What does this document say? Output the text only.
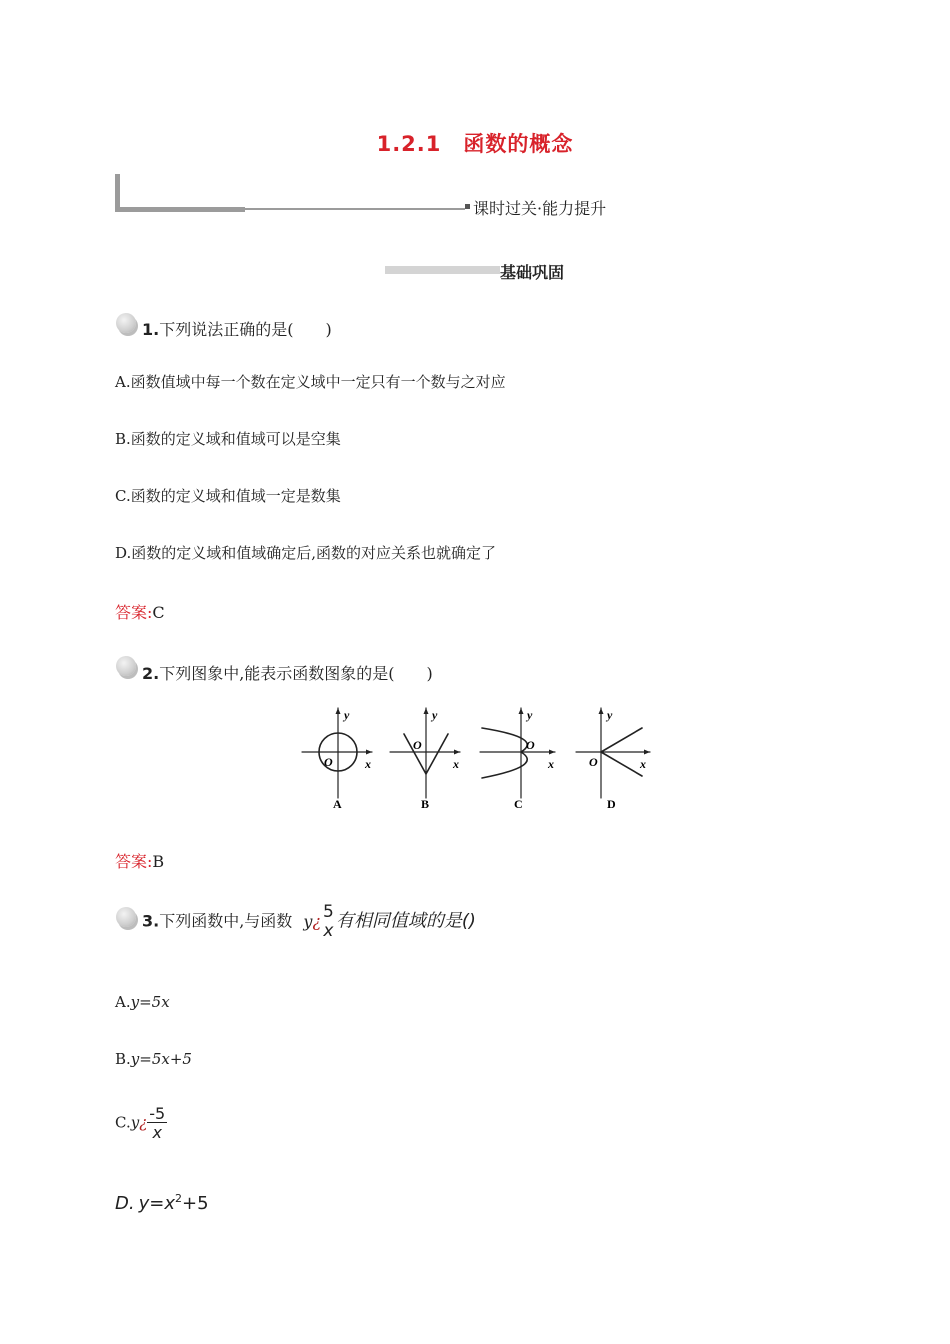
1.2.1　函数的概念
课时过关·能力提升
基础巩固
1.下列说法正确的是(　　)
A.函数值域中每一个数在定义域中一定只有一个数与之对应
B.函数的定义域和值域可以是空集
C.函数的定义域和值域一定是数集
D.函数的定义域和值域确定后,函数的对应关系也就确定了
答案:C
2.下列图象中,能表示函数图象的是(　　)
y
x
O
A
y
x
O
B
y
x
O
C
y
x
O
D
答案:B
3.下列函数中,与函数 y¿ 5
x 有相同值域的是()
A.y=5x
B.y=5x+5
C.y¿ $\frac{-5}{x}$
D. $y=x^2+5$
